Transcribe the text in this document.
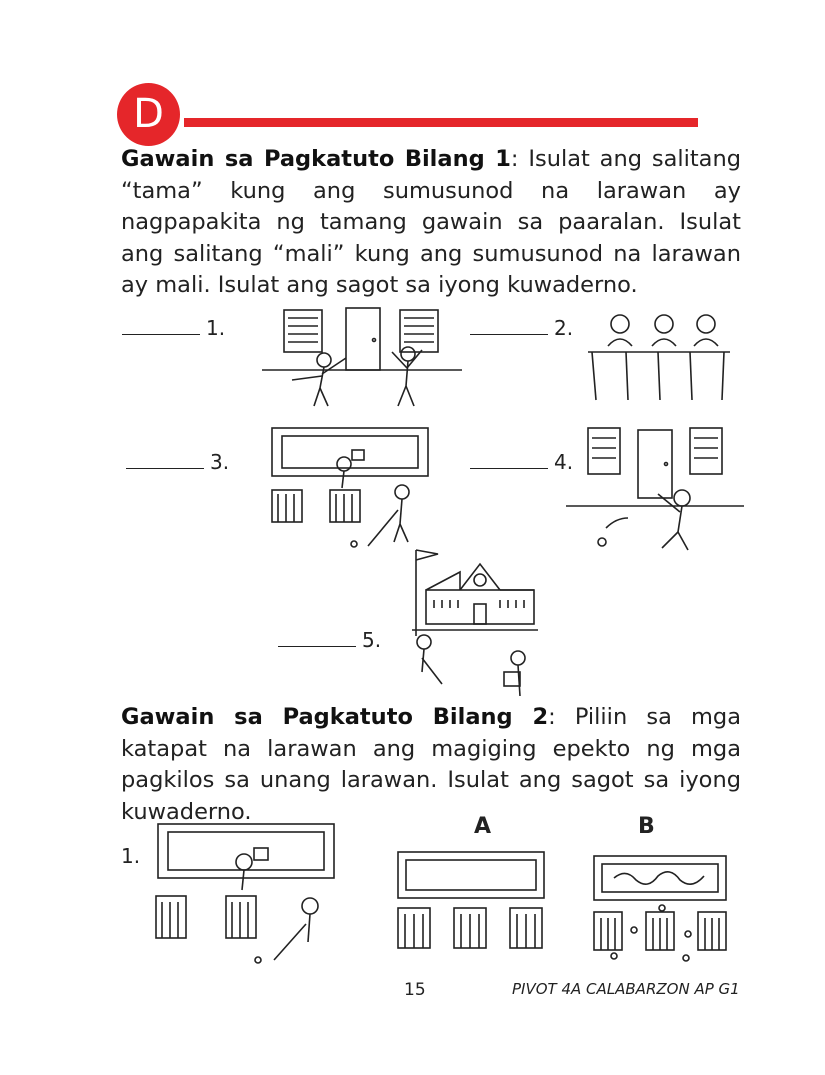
D
Gawain sa Pagkatuto Bilang 1: Isulat ang salitang “tama” kung ang sumusunod na larawan ay nagpapakita ng tamang gawain sa paaralan. Isulat ang salitang “mali” kung ang sumusunod na larawan ay mali. Isulat ang sagot sa iyong kuwaderno.
1.	2.
3.	4.
5.
Gawain sa Pagkatuto Bilang 2: Piliin sa mga katapat na larawan ang magiging epekto ng mga pagkilos sa unang larawan. Isulat ang sagot sa iyong kuwaderno.
A	B
1.
15	PIVOT 4A CALABARZON AP G1
